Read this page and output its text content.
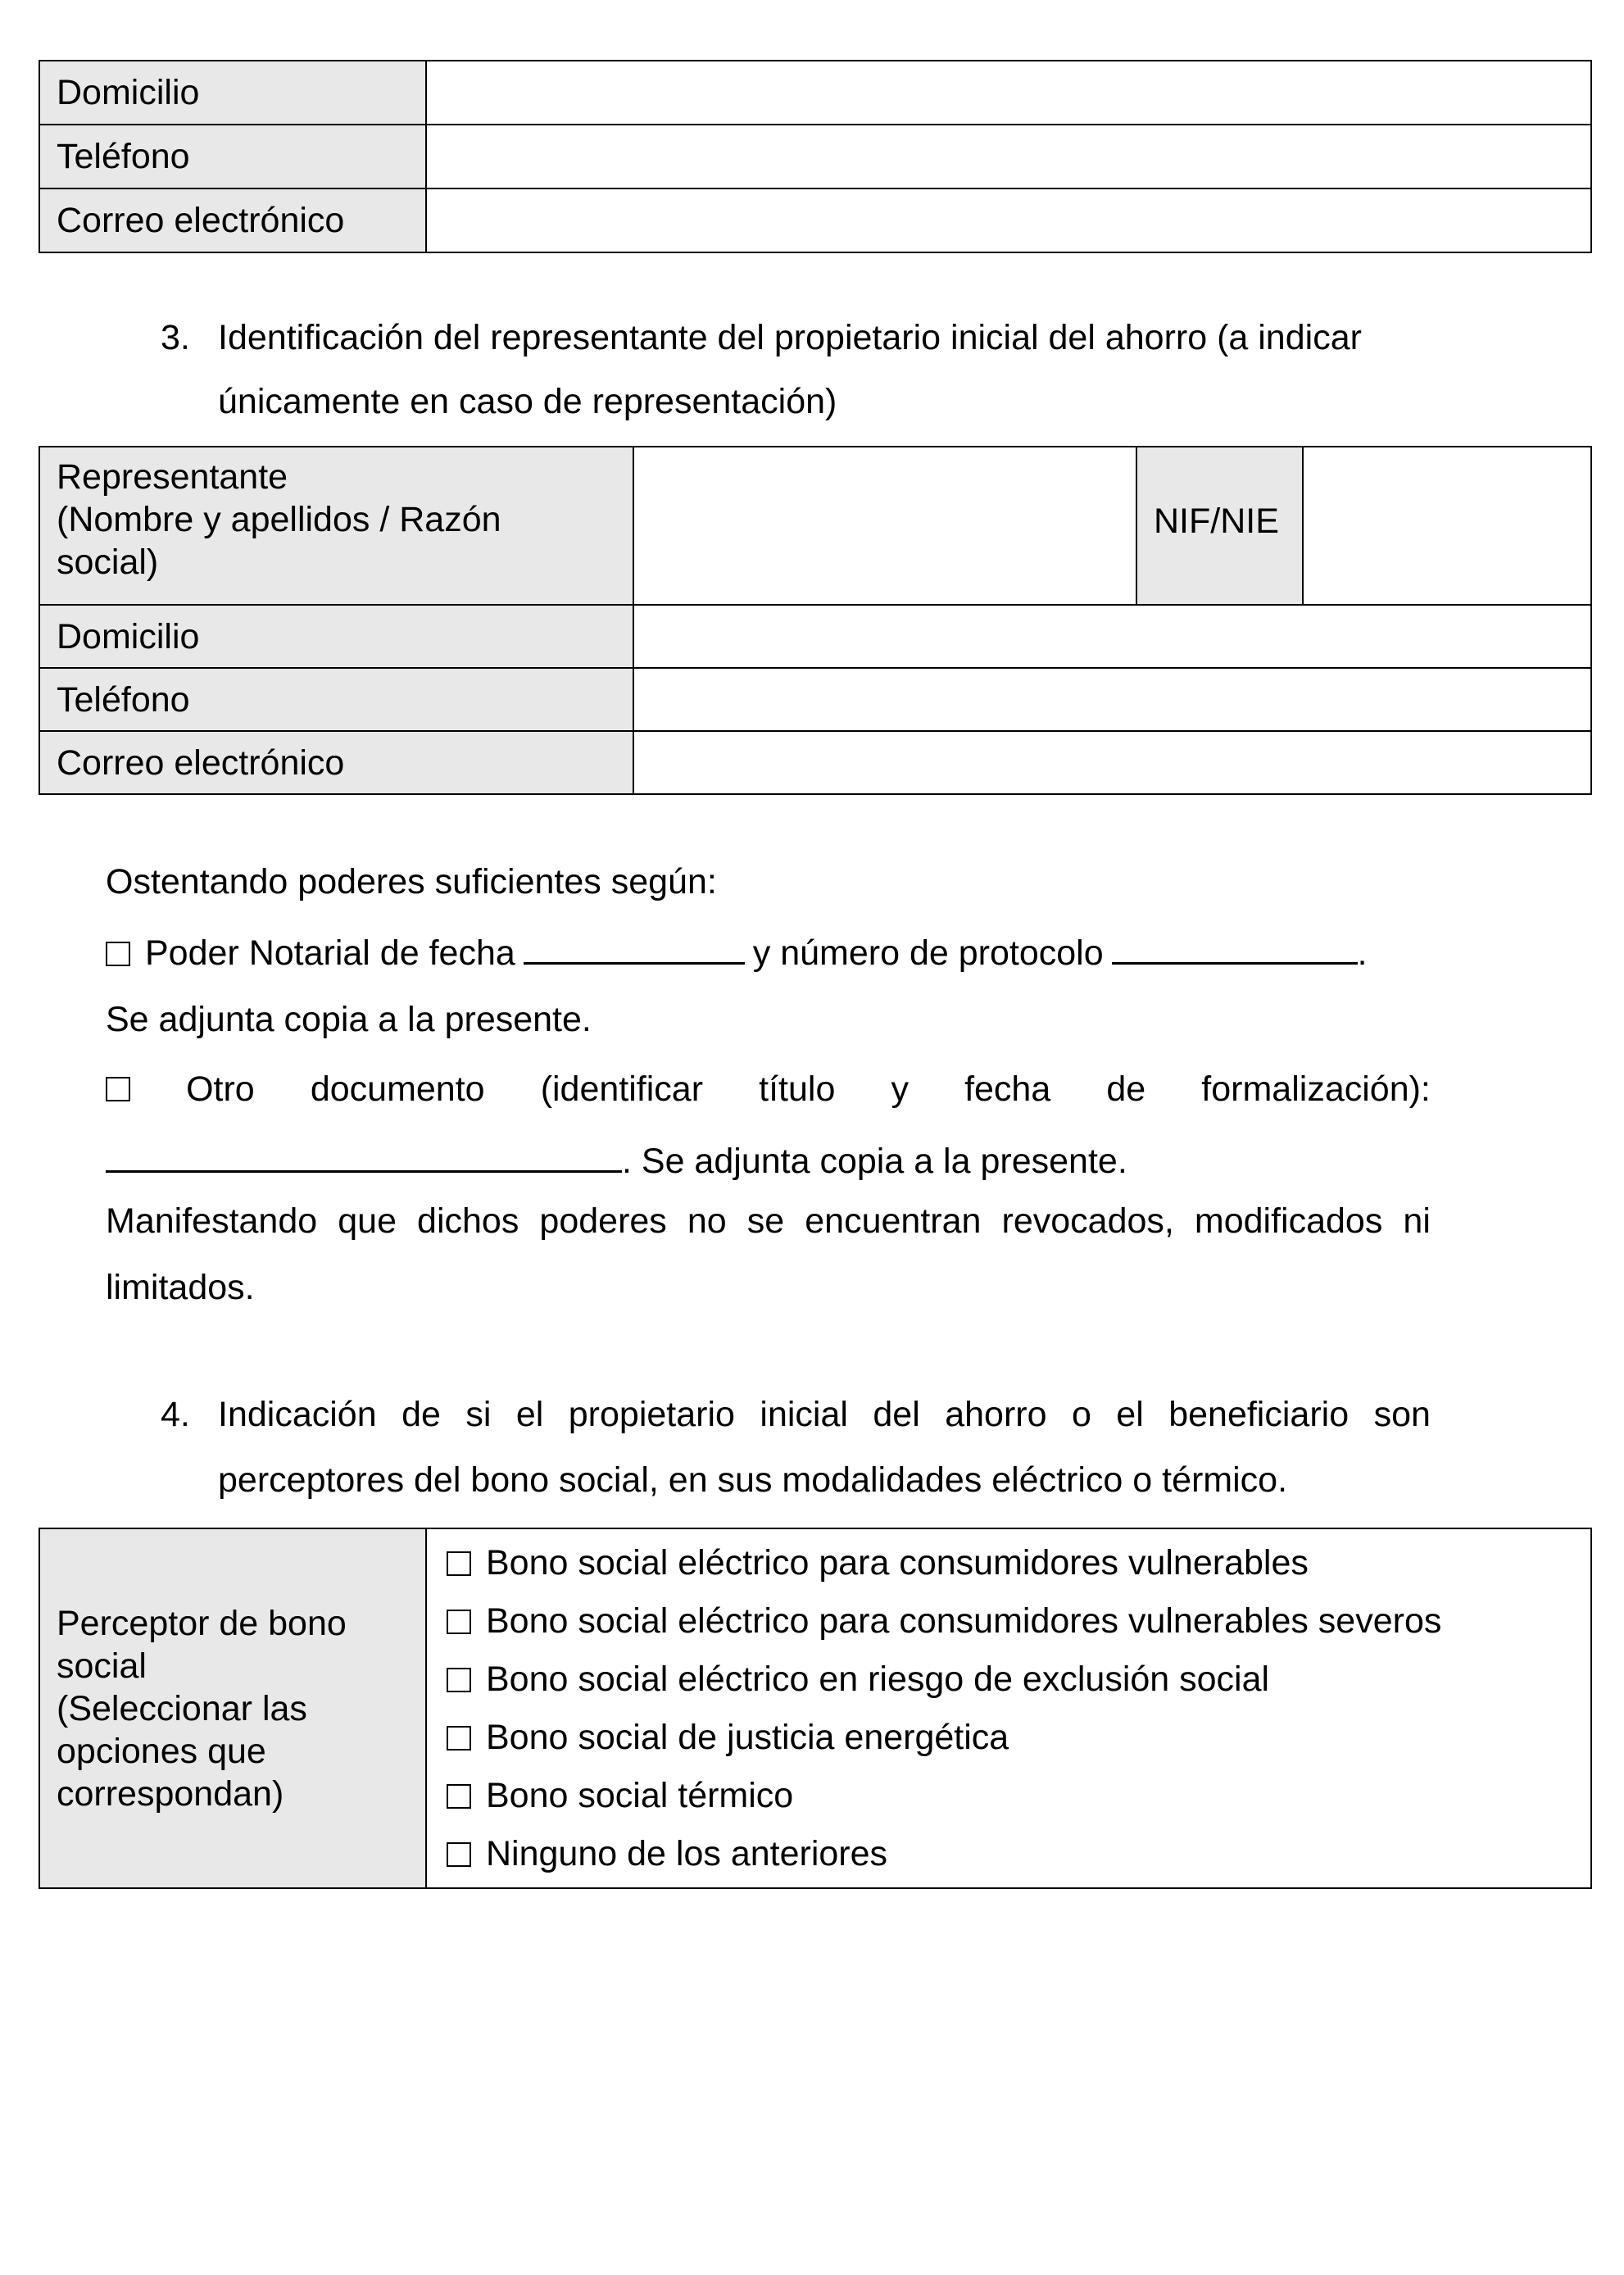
Domicilio	
Teléfono	
Correo electrónico	
3. Identificación del representante del propietario inicial del ahorro (a indicar
únicamente en caso de representación)
Representante
(Nombre y apellidos / Razón
social)		NIF/NIE	
Domicilio			
Teléfono			
Correo electrónico			
Ostentando poderes suficientes según:
Poder Notarial de fecha	y número de protocolo	.
Se adjunta copia a la presente.
Otro documento (identificar título y fecha de formalización):
. Se adjunta copia a la presente.
Manifestando que dichos poderes no se encuentran revocados, modificados ni
limitados.
4. Indicación de si el propietario inicial del ahorro o el beneficiario son
perceptores del bono social, en sus modalidades eléctrico o térmico.
Perceptor de bono
social
(Seleccionar las
opciones que
correspondan)

Bono social eléctrico para consumidores vulnerables
Bono social eléctrico para consumidores vulnerables severos
Bono social eléctrico en riesgo de exclusión social
Bono social de justicia energética
Bono social térmico
Ninguno de los anteriores
